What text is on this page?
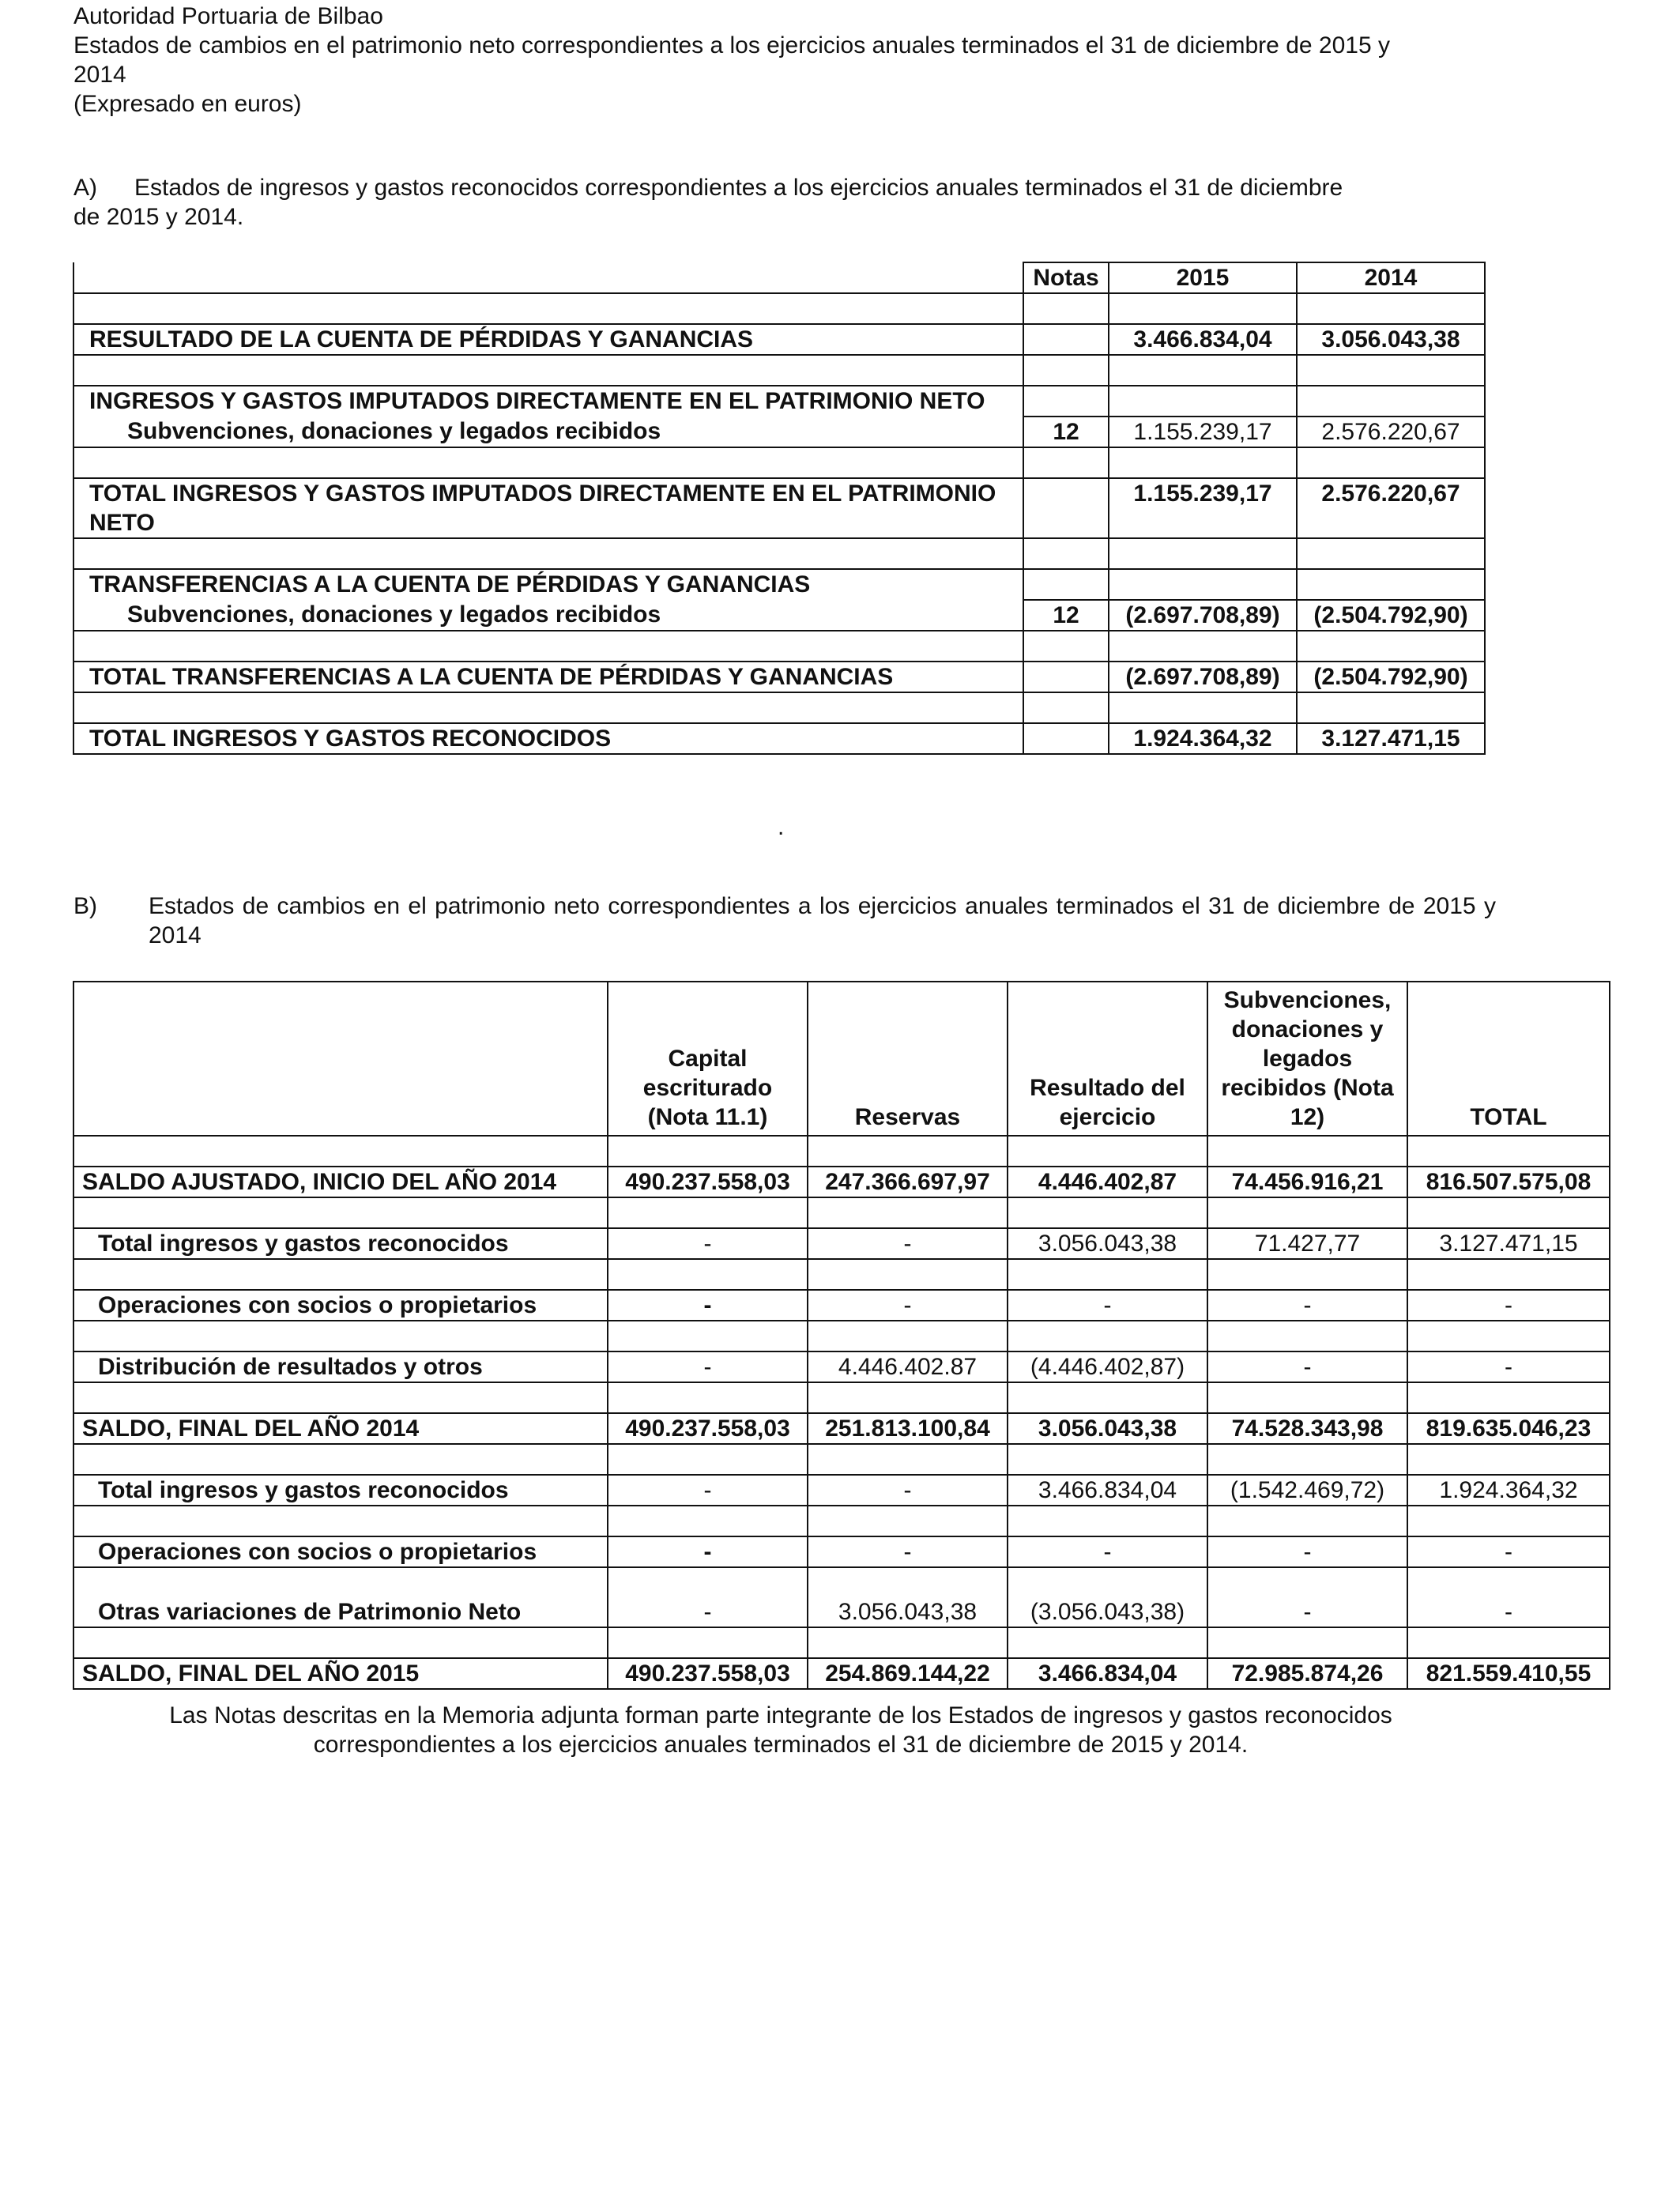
Autoridad Portuaria de Bilbao

Estados de cambios en el patrimonio neto correspondientes a los ejercicios anuales terminados el 31 de diciembre de 2015 y

2014

(Expresado en euros)

A) Estados de ingresos y gastos reconocidos correspondientes a los ejercicios anuales terminados el 31 de diciembre
de 2015 y 2014.
	Notas	2015	2014

RESULTADO DE LA CUENTA DE PÉRDIDAS Y GANANCIAS		3.466.834,04	3.056.043,38

INGRESOS Y GASTOS IMPUTADOS DIRECTAMENTE EN EL PATRIMONIO NETO			
Subvenciones, donaciones y legados recibidos	12	1.155.239,17	2.576.220,67

TOTAL INGRESOS Y GASTOS IMPUTADOS DIRECTAMENTE EN EL PATRIMONIO NETO		1.155.239,17	2.576.220,67

TRANSFERENCIAS A LA CUENTA DE PÉRDIDAS Y GANANCIAS			
Subvenciones, donaciones y legados recibidos	12	(2.697.708,89)	(2.504.792,90)

TOTAL TRANSFERENCIAS A LA CUENTA DE PÉRDIDAS Y GANANCIAS		(2.697.708,89)	(2.504.792,90)

TOTAL INGRESOS Y GASTOS RECONOCIDOS		1.924.364,32	3.127.471,15
.
B) Estados de cambios en el patrimonio neto correspondientes a los ejercicios anuales terminados el 31 de diciembre de 2015 y 2014
	Capital escriturado (Nota 11.1)	Reservas	Resultado del ejercicio	Subvenciones, donaciones y legados recibidos (Nota 12)	TOTAL

SALDO AJUSTADO, INICIO DEL AÑO 2014	490.237.558,03	247.366.697,97	4.446.402,87	74.456.916,21	816.507.575,08

Total ingresos y gastos reconocidos	-	-	3.056.043,38	71.427,77	3.127.471,15

Operaciones con socios o propietarios	-	-	-	-	-

Distribución de resultados y otros	-	4.446.402.87	(4.446.402,87)	-	-

SALDO, FINAL DEL AÑO 2014	490.237.558,03	251.813.100,84	3.056.043,38	74.528.343,98	819.635.046,23

Total ingresos y gastos reconocidos	-	-	3.466.834,04	(1.542.469,72)	1.924.364,32

Operaciones con socios o propietarios	-	-	-	-	-
Otras variaciones de Patrimonio Neto	-	3.056.043,38	(3.056.043,38)	-	-

SALDO, FINAL DEL AÑO 2015	490.237.558,03	254.869.144,22	3.466.834,04	72.985.874,26	821.559.410,55

Las Notas descritas en la Memoria adjunta forman parte integrante de los Estados de ingresos y gastos reconocidos

correspondientes a los ejercicios anuales terminados el 31 de diciembre de 2015 y 2014.
